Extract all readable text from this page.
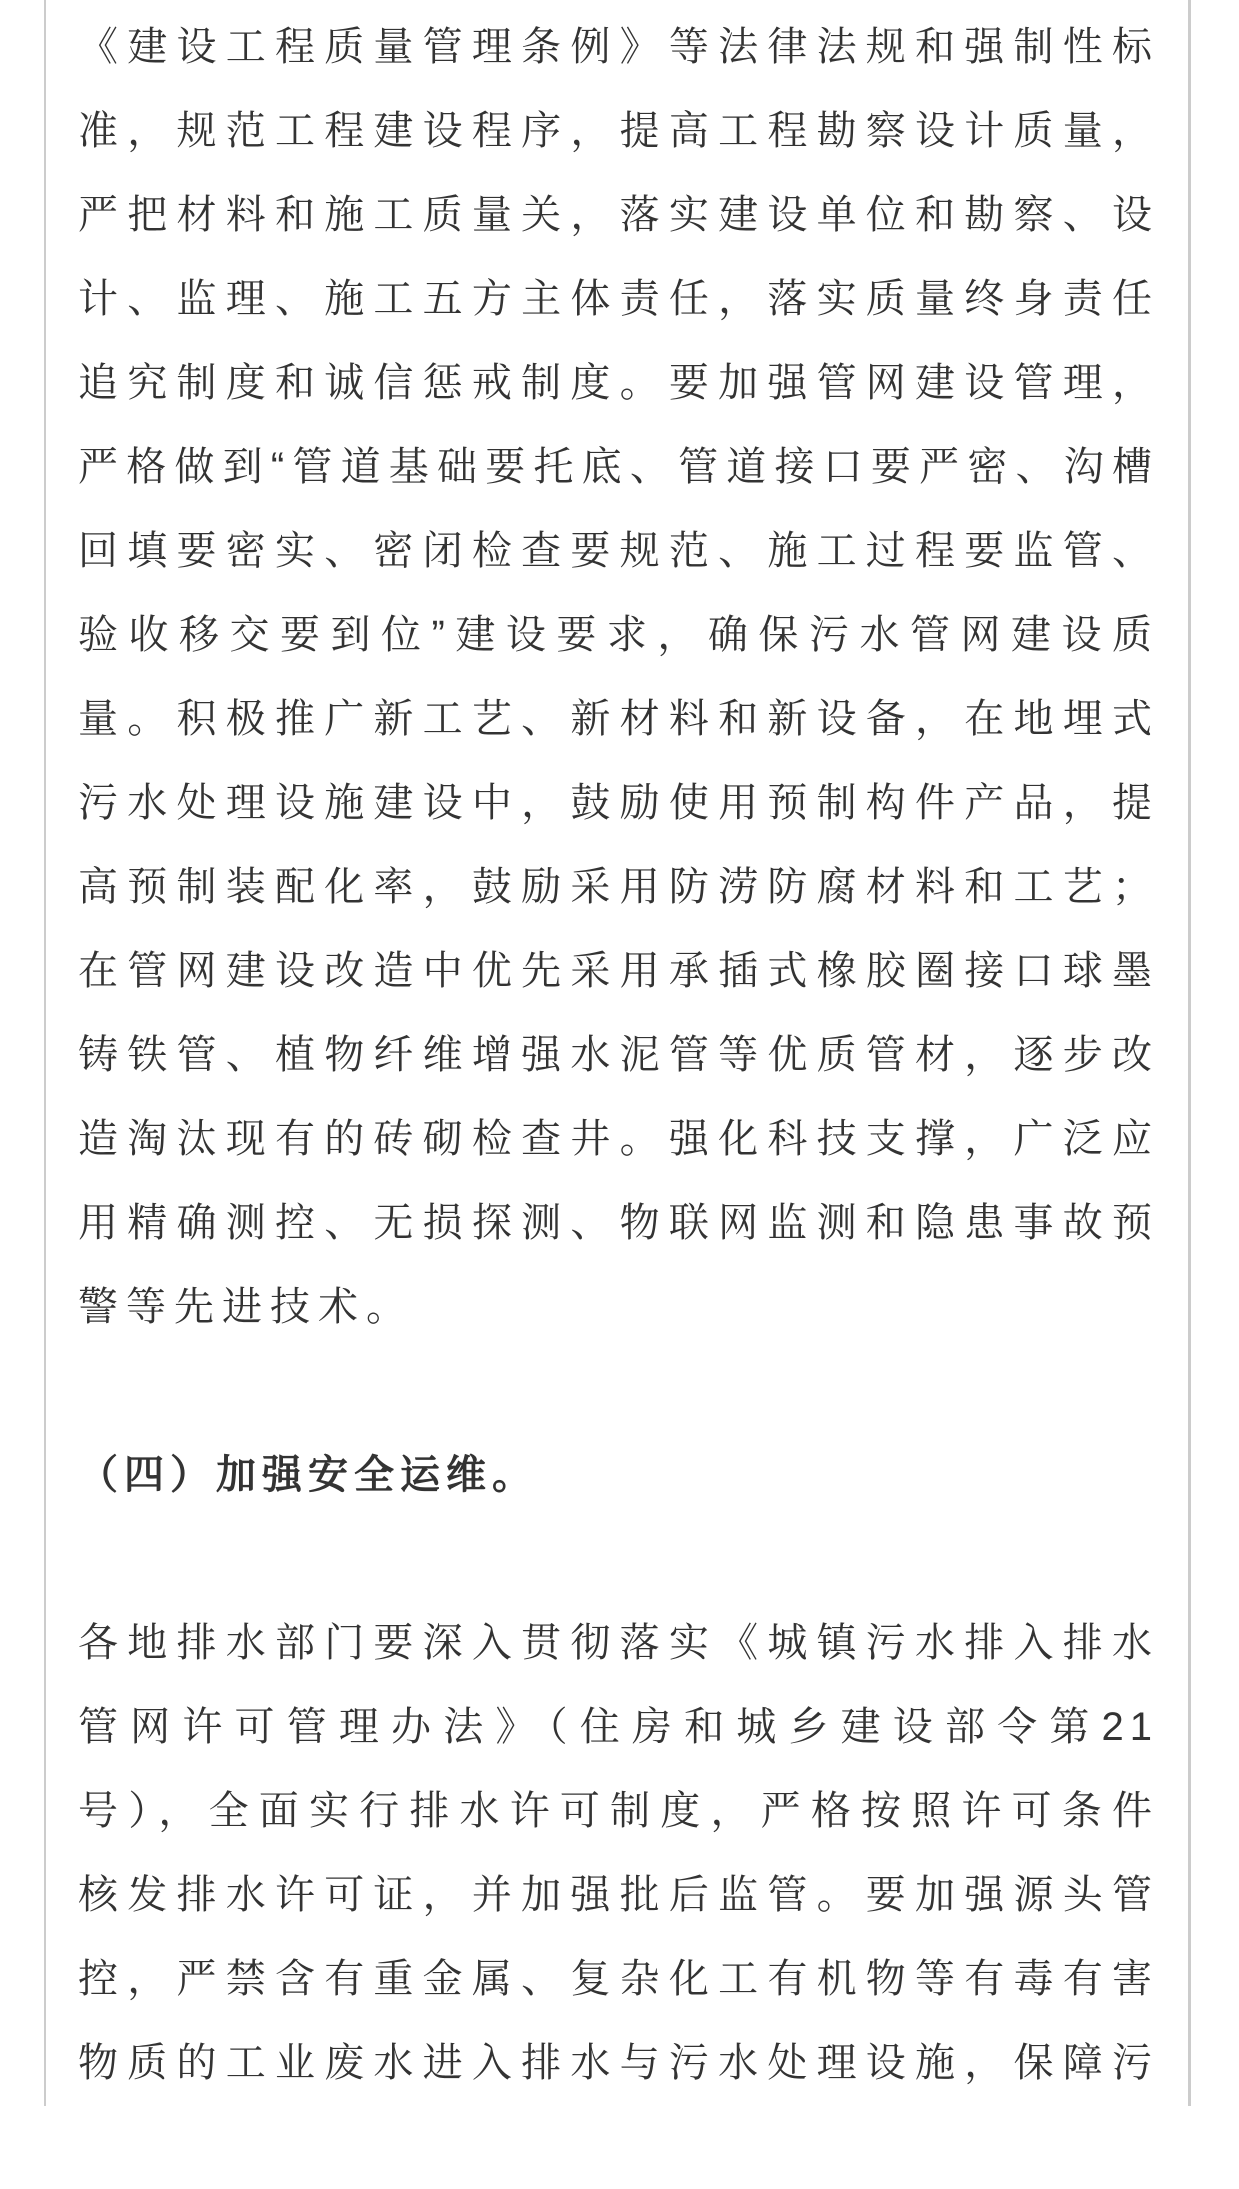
《建设工程质量管理条例》等法律法规和强制性标
准，规范工程建设程序，提高工程勘察设计质量，
严把材料和施工质量关，落实建设单位和勘察、设
计、监理、施工五方主体责任，落实质量终身责任
追究制度和诚信惩戒制度。要加强管网建设管理，
严格做到“管道基础要托底、管道接口要严密、沟槽
回填要密实、密闭检查要规范、施工过程要监管、
验收移交要到位”建设要求，确保污水管网建设质
量。积极推广新工艺、新材料和新设备，在地埋式
污水处理设施建设中，鼓励使用预制构件产品，提
高预制装配化率，鼓励采用防涝防腐材料和工艺；
在管网建设改造中优先采用承插式橡胶圈接口球墨
铸铁管、植物纤维增强水泥管等优质管材，逐步改
造淘汰现有的砖砌检查井。强化科技支撑，广泛应
用精确测控、无损探测、物联网监测和隐患事故预
警等先进技术。
（四）加强安全运维。
各地排水部门要深入贯彻落实《城镇污水排入排水
管网许可管理办法》（住房和城乡建设部令第21
号），全面实行排水许可制度，严格按照许可条件
核发排水许可证，并加强批后监管。要加强源头管
控，严禁含有重金属、复杂化工有机物等有毒有害
物质的工业废水进入排水与污水处理设施，保障污
